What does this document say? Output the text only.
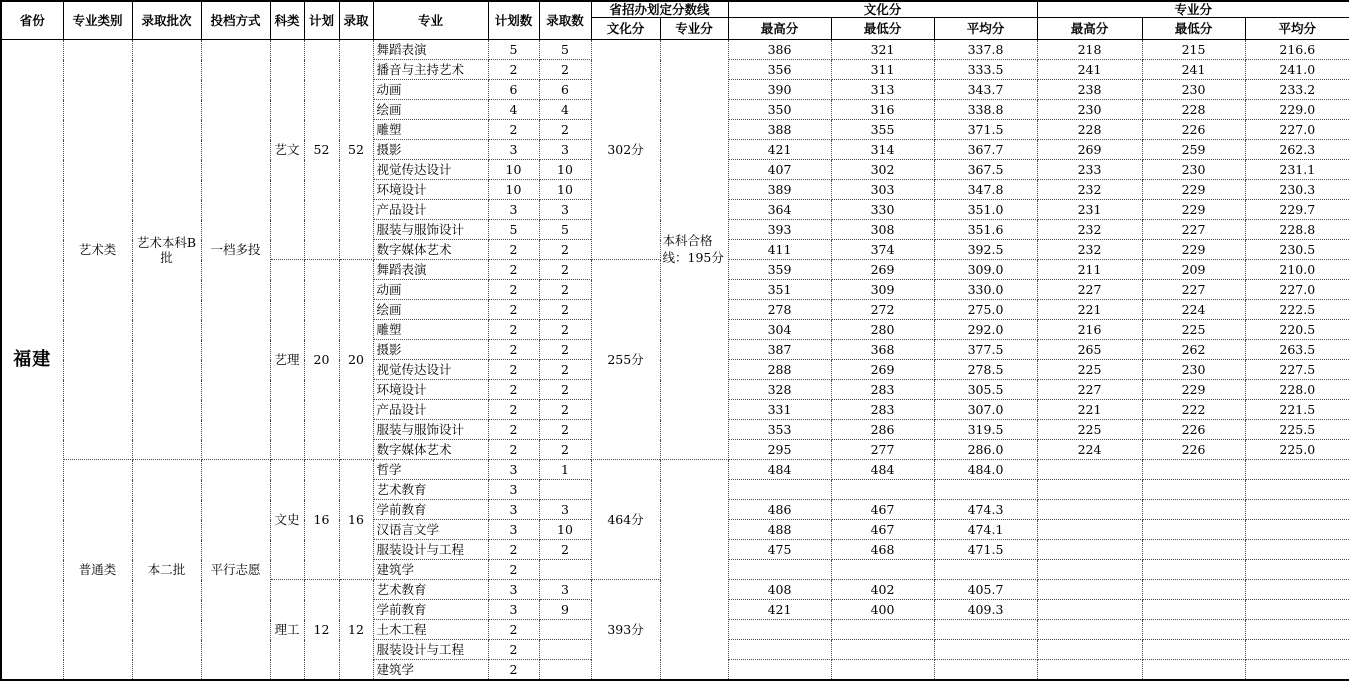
省份	专业类别	录取批次	投档方式	科类	计划	录取	专业	计划数	录取数	省招办划定分数线		文化分			专业分		
										文化分	专业分	最高分	最低分	平均分	最高分	最低分	平均分
福建	艺术类	艺术本科B批	一档多投	艺文	52	52	舞蹈表演	5	5	302分	本科合格线：195分	386	321	337.8	218	215	216.6
							播音与主持艺术	2	2			356	311	333.5	241	241	241.0
							动画	6	6			390	313	343.7	238	230	233.2
							绘画	4	4			350	316	338.8	230	228	229.0
							雕塑	2	2			388	355	371.5	228	226	227.0
							摄影	3	3			421	314	367.7	269	259	262.3
							视觉传达设计	10	10			407	302	367.5	233	230	231.1
							环境设计	10	10			389	303	347.8	232	229	230.3
							产品设计	3	3			364	330	351.0	231	229	229.7
							服装与服饰设计	5	5			393	308	351.6	232	227	228.8
							数字媒体艺术	2	2			411	374	392.5	232	229	230.5
				艺理	20	20	舞蹈表演	2	2	255分		359	269	309.0	211	209	210.0
							动画	2	2			351	309	330.0	227	227	227.0
							绘画	2	2			278	272	275.0	221	224	222.5
							雕塑	2	2			304	280	292.0	216	225	220.5
							摄影	2	2			387	368	377.5	265	262	263.5
							视觉传达设计	2	2			288	269	278.5	225	230	227.5
							环境设计	2	2			328	283	305.5	227	229	228.0
							产品设计	2	2			331	283	307.0	221	222	221.5
							服装与服饰设计	2	2			353	286	319.5	225	226	225.5
							数字媒体艺术	2	2			295	277	286.0	224	226	225.0
	普通类	本二批	平行志愿	文史	16	16	哲学	3	1	464分		484	484	484.0			
							艺术教育	3									
							学前教育	3	3			486	467	474.3			
							汉语言文学	3	10			488	467	474.1			
							服装设计与工程	2	2			475	468	471.5			
							建筑学	2									
				理工	12	12	艺术教育	3	3	393分		408	402	405.7			
							学前教育	3	9			421	400	409.3			
							土木工程	2									
							服装设计与工程	2									
							建筑学	2									
